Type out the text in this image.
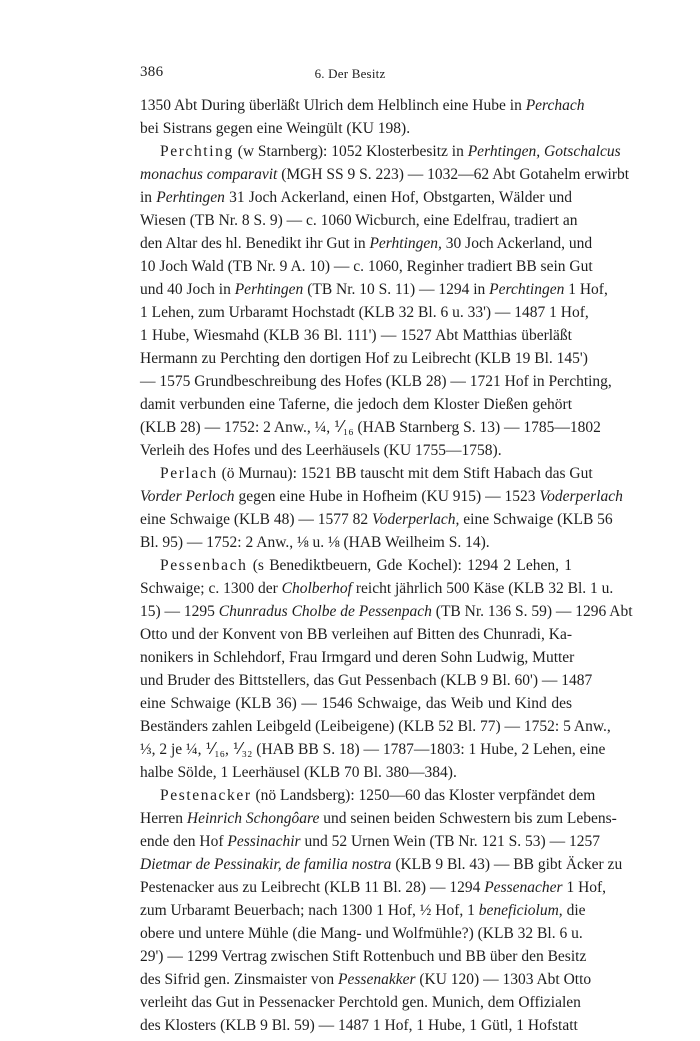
386	6. Der Besitz
1350 Abt During überläßt Ulrich dem Helblinch eine Hube in Perchach
bei Sistrans gegen eine Weingült (KU 198).
Perchting (w Starnberg): 1052 Klosterbesitz in Perhtingen, Gotschalcus
monachus comparavit (MGH SS 9 S. 223) — 1032—62 Abt Gotahelm erwirbt
in Perhtingen 31 Joch Ackerland, einen Hof, Obstgarten, Wälder und
Wiesen (TB Nr. 8 S. 9) — c. 1060 Wicburch, eine Edelfrau, tradiert an
den Altar des hl. Benedikt ihr Gut in Perhtingen, 30 Joch Ackerland, und
10 Joch Wald (TB Nr. 9 A. 10) — c. 1060, Reginher tradiert BB sein Gut
und 40 Joch in Perhtingen (TB Nr. 10 S. 11) — 1294 in Perchtingen 1 Hof,
1 Lehen, zum Urbaramt Hochstadt (KLB 32 Bl. 6 u. 33') — 1487 1 Hof,
1 Hube, Wiesmahd (KLB 36 Bl. 111') — 1527 Abt Matthias überläßt
Hermann zu Perchting den dortigen Hof zu Leibrecht (KLB 19 Bl. 145')
— 1575 Grundbeschreibung des Hofes (KLB 28) — 1721 Hof in Perchting,
damit verbunden eine Taferne, die jedoch dem Kloster Dießen gehört
(KLB 28) — 1752: 2 Anw., ¼, ⅟₁₆ (HAB Starnberg S. 13) — 1785—1802
Verleih des Hofes und des Leerhäusels (KU 1755—1758).
Perlach (ö Murnau): 1521 BB tauscht mit dem Stift Habach das Gut
Vorder Perloch gegen eine Hube in Hofheim (KU 915) — 1523 Voderperlach
eine Schwaige (KLB 48) — 1577 82 Voderperlach, eine Schwaige (KLB 56
Bl. 95) — 1752: 2 Anw., ⅛ u. ⅛ (HAB Weilheim S. 14).
Pessenbach (s Benediktbeuern, Gde Kochel): 1294 2 Lehen, 1
Schwaige; c. 1300 der Cholberhof reicht jährlich 500 Käse (KLB 32 Bl. 1 u.
15) — 1295 Chunradus Cholbe de Pessenpach (TB Nr. 136 S. 59) — 1296 Abt
Otto und der Konvent von BB verleihen auf Bitten des Chunradi, Ka-
nonikers in Schlehdorf, Frau Irmgard und deren Sohn Ludwig, Mutter
und Bruder des Bittstellers, das Gut Pessenbach (KLB 9 Bl. 60') — 1487
eine Schwaige (KLB 36) — 1546 Schwaige, das Weib und Kind des
Beständers zahlen Leibgeld (Leibeigene) (KLB 52 Bl. 77) — 1752: 5 Anw.,
⅓, 2 je ¼, ⅟₁₆, ⅟₃₂ (HAB BB S. 18) — 1787—1803: 1 Hube, 2 Lehen, eine
halbe Sölde, 1 Leerhäusel (KLB 70 Bl. 380—384).
Pestenacker (nö Landsberg): 1250—60 das Kloster verpfändet dem
Herren Heinrich Schongôare und seinen beiden Schwestern bis zum Lebens-
ende den Hof Pessinachir und 52 Urnen Wein (TB Nr. 121 S. 53) — 1257
Dietmar de Pessinakir, de familia nostra (KLB 9 Bl. 43) — BB gibt Äcker zu
Pestenacker aus zu Leibrecht (KLB 11 Bl. 28) — 1294 Pessenacher 1 Hof,
zum Urbaramt Beuerbach; nach 1300 1 Hof, ½ Hof, 1 beneficiolum, die
obere und untere Mühle (die Mang- und Wolfmühle?) (KLB 32 Bl. 6 u.
29') — 1299 Vertrag zwischen Stift Rottenbuch und BB über den Besitz
des Sifrid gen. Zinsmaister von Pessenakker (KU 120) — 1303 Abt Otto
verleiht das Gut in Pessenacker Perchtold gen. Munich, dem Offizialen
des Klosters (KLB 9 Bl. 59) — 1487 1 Hof, 1 Hube, 1 Gütl, 1 Hofstatt
